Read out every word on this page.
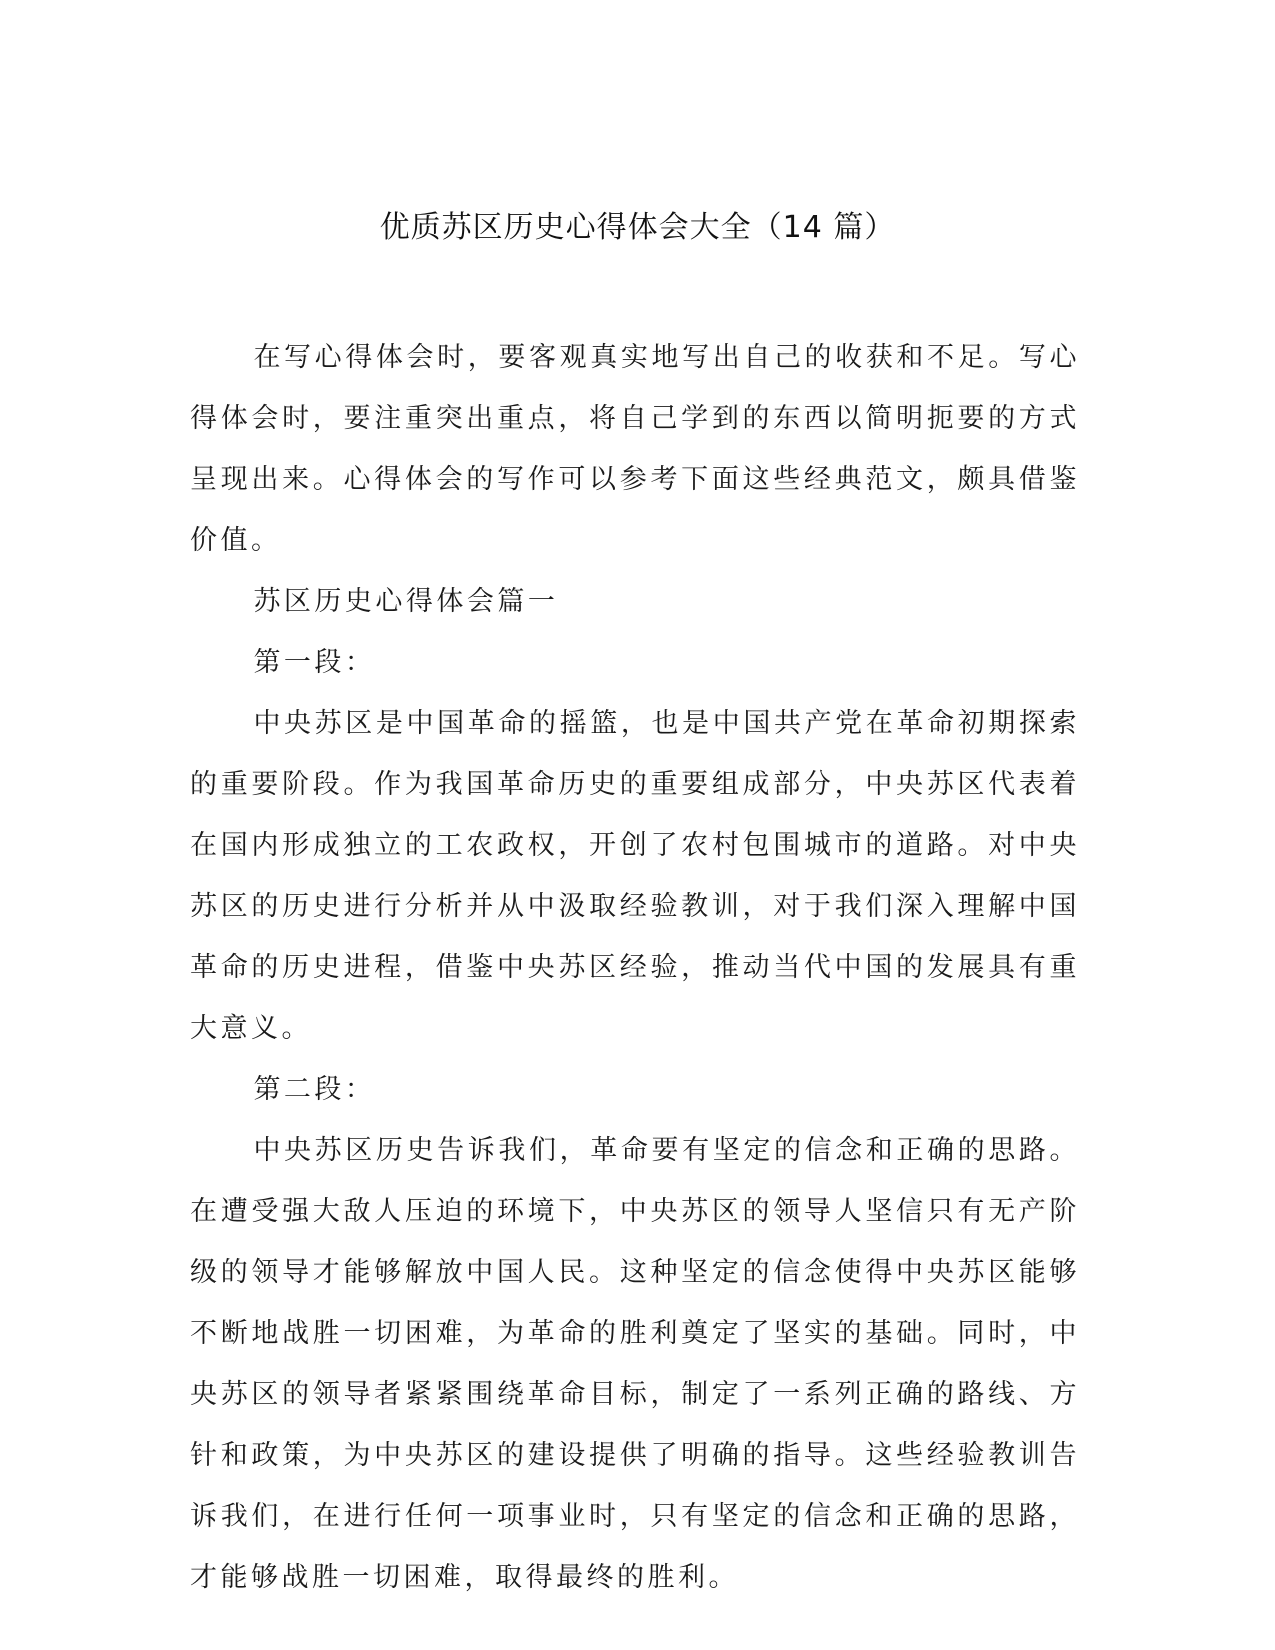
优质苏区历史心得体会大全（14 篇）

在写心得体会时，要客观真实地写出自己的收获和不足。写心得体会时，要注重突出重点，将自己学到的东西以简明扼要的方式呈现出来。心得体会的写作可以参考下面这些经典范文，颇具借鉴价值。

苏区历史心得体会篇一

第一段：

中央苏区是中国革命的摇篮，也是中国共产党在革命初期探索的重要阶段。作为我国革命历史的重要组成部分，中央苏区代表着在国内形成独立的工农政权，开创了农村包围城市的道路。对中央苏区的历史进行分析并从中汲取经验教训，对于我们深入理解中国革命的历史进程，借鉴中央苏区经验，推动当代中国的发展具有重大意义。

第二段：

中央苏区历史告诉我们，革命要有坚定的信念和正确的思路。在遭受强大敌人压迫的环境下，中央苏区的领导人坚信只有无产阶级的领导才能够解放中国人民。这种坚定的信念使得中央苏区能够不断地战胜一切困难，为革命的胜利奠定了坚实的基础。同时，中央苏区的领导者紧紧围绕革命目标，制定了一系列正确的路线、方针和政策，为中央苏区的建设提供了明确的指导。这些经验教训告诉我们，在进行任何一项事业时，只有坚定的信念和正确的思路，才能够战胜一切困难，取得最终的胜利。
